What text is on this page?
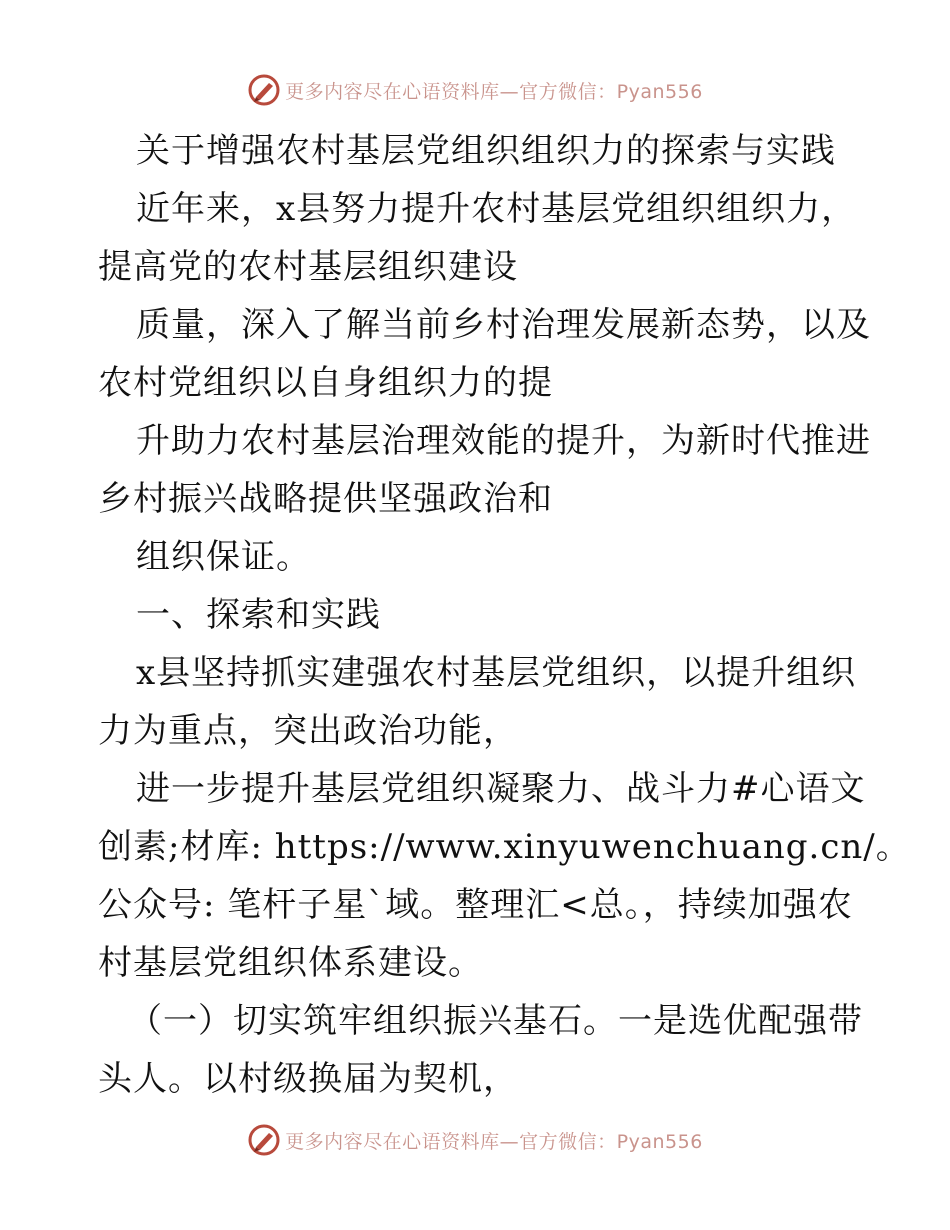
更多内容尽在心语资料库—官方微信：Pyan556

关于增强农村基层党组织组织力的探索与实践

近年来，x县努力提升农村基层党组织组织力，

提高党的农村基层组织建设

质量，深入了解当前乡村治理发展新态势，以及

农村党组织以自身组织力的提

升助力农村基层治理效能的提升，为新时代推进

乡村振兴战略提供坚强政治和

组织保证。

一、探索和实践

x县坚持抓实建强农村基层党组织，以提升组织

力为重点，突出政治功能，

进一步提升基层党组织凝聚力、战斗力#心语文

创素;材库: https://www.xinyuwenchuang.cn/。

公众号: 笔杆子星`域。整理汇<总。，持续加强农

村基层党组织体系建设。

（一）切实筑牢组织振兴基石。一是选优配强带

头人。以村级换届为契机，

更多内容尽在心语资料库—官方微信：Pyan556
